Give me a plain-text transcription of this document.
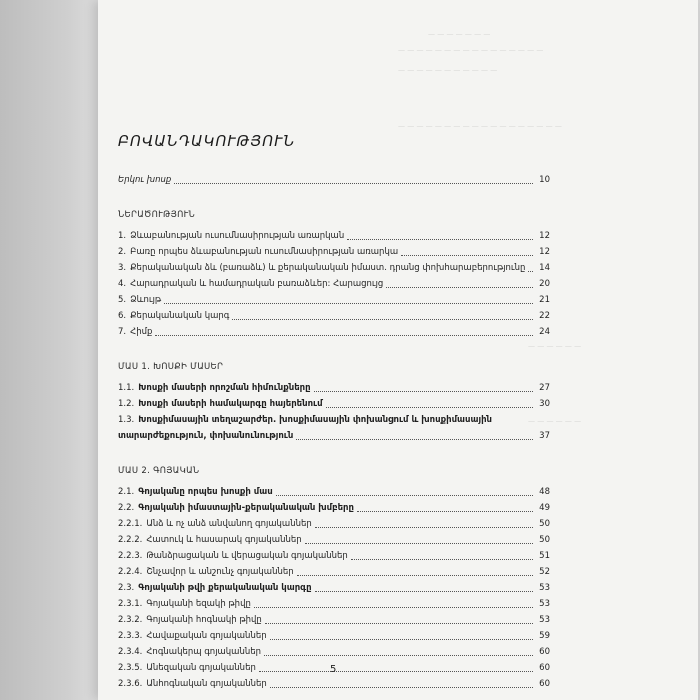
— — — — — — —
— — — — — — — — — — — — — — — —
— — — — — — — — — — —
— — — — — — — — — — — — — — — — — —
— — — — — —
— — — — — —
ԲՈՎԱՆԴԱԿՈՒԹՅՈՒՆ
Երկու խոսք	10
ՆԵՐԱԾՈՒԹՅՈՒՆ
1. Ձևաբանության ուսումնասիրության առարկան	12
2. Բառը որպես ձևաբանության ուսումնասիրության առարկա	12
3. Քերականական ձև (բառաձև) և քերականական իմաստ. դրանց փոխհարաբերությունը	14
4. Հարադրական և համադրական բառաձևեր: Հարացույց	20
5. Ձևույթ	21
6. Քերականական կարգ	22
7. Հիմք	24
ՄԱՍ 1. ԽՈՍՔԻ ՄԱՍԵՐ
1.1. Խոսքի մասերի որոշման հիմունքները	27
1.2. Խոսքի մասերի համակարգը հայերենում	30
1.3. Խոսքիմասային տեղաշարժեր. խոսքիմասային փոխանցում և խոսքիմասային
տարարժեքություն, փոխանունություն	37
ՄԱՍ 2. ԳՈՅԱԿԱՆ
2.1. Գոյականը որպես խոսքի մաս	48
2.2. Գոյականի իմաստային-քերականական խմբերը	49
2.2.1. Անձ և ոչ անձ անվանող գոյականներ	50
2.2.2. Հատուկ և հասարակ գոյականներ	50
2.2.3. Թանձրացական և վերացական գոյականներ	51
2.2.4. Շնչավոր և անշունչ գոյականներ	52
2.3. Գոյականի թվի քերականական կարգը	53
2.3.1. Գոյականի եզակի թիվը	53
2.3.2. Գոյականի հոգնակի թիվը	53
2.3.3. Հավաքական գոյականներ	59
2.3.4. Հոգնակերպ գոյականներ	60
2.3.5. Անեզական գոյականներ	60
2.3.6. Անհոգնական գոյականներ	60
5
